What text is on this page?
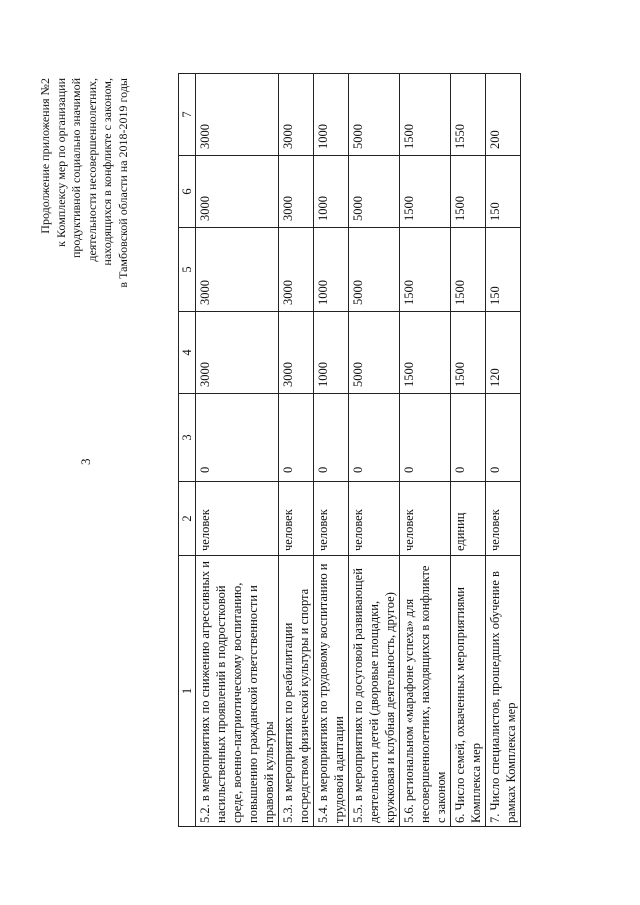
3
Продолжение приложения №2 к Комплексу мер по организации продуктивной социально значимой деятельности несовершеннолетних, находящихся в конфликте с законом, в Тамбовской области на 2018-2019 годы
1	2	3	4	5	6	7
5.2. в мероприятиях по снижению агрессивных и насильственных проявлений в подростковой среде, военно-патриотическому воспитанию, повышению гражданской ответственности и правовой культуры	человек	0	3000	3000	3000	3000
5.3. в мероприятиях по реабилитации посредством физической культуры и спорта	человек	0	3000	3000	3000	3000
5.4. в мероприятиях по трудовому воспитанию и трудовой адаптации	человек	0	1000	1000	1000	1000
5.5. в мероприятиях по досуговой развивающей деятельности детей (дворовые площадки, кружковая и клубная деятельность, другое)	человек	0	5000	5000	5000	5000
5.6. региональном «марафоне успеха» для несовершеннолетних, находящихся в конфликте с законом	человек	0	1500	1500	1500	1500
6. Число семей, охваченных мероприятиями Комплекса мер	единиц	0	1500	1500	1500	1550
7. Число специалистов, прошедших обучение в рамках Комплекса мер	человек	0	120	150	150	200
